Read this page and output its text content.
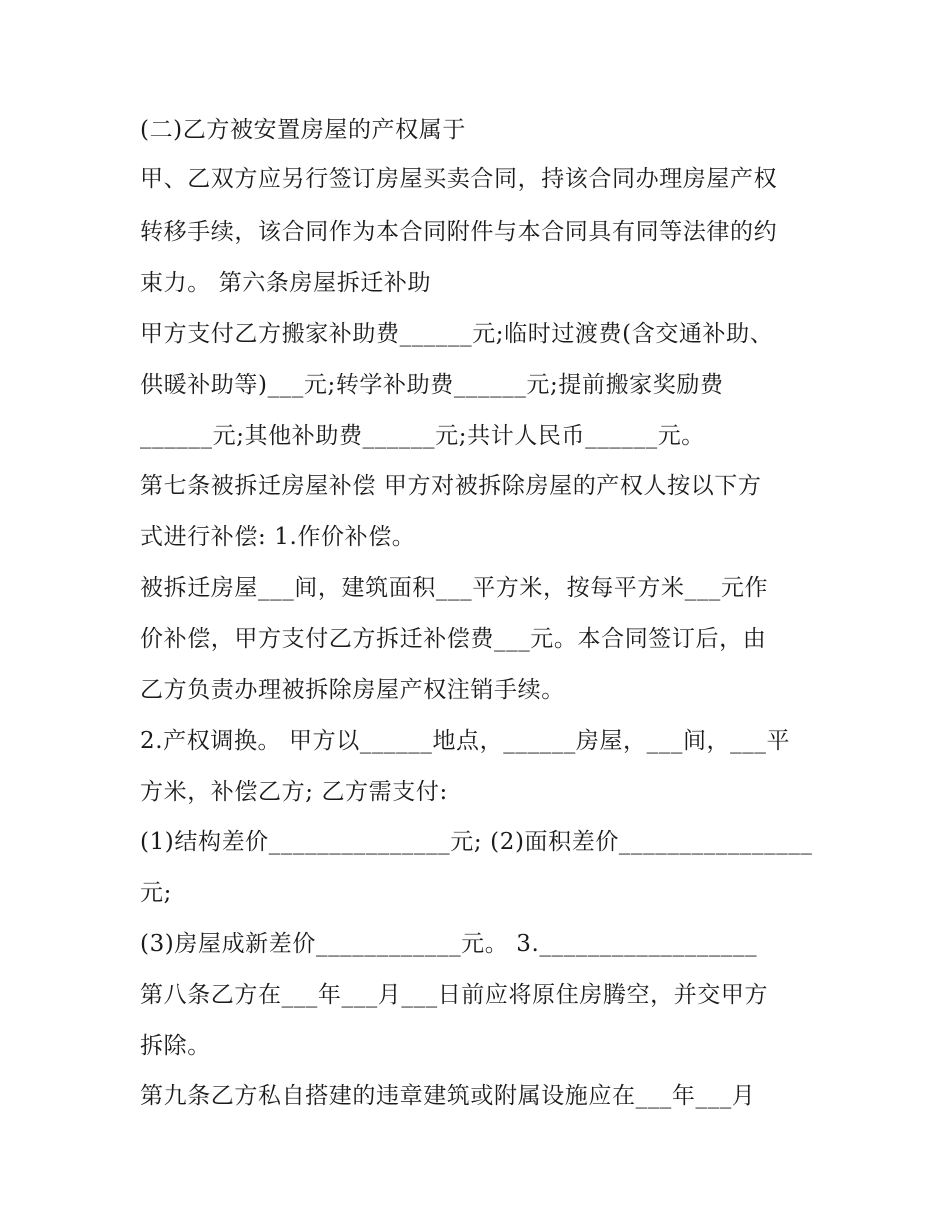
(二)乙方被安置房屋的产权属于
甲、乙双方应另行签订房屋买卖合同，持该合同办理房屋产权
转移手续，该合同作为本合同附件与本合同具有同等法律的约
束力。 第六条房屋拆迁补助
甲方支付乙方搬家补助费______元;临时过渡费(含交通补助、
供暖补助等)___元;转学补助费______元;提前搬家奖励费
______元;其他补助费______元;共计人民币______元。
第七条被拆迁房屋补偿 甲方对被拆除房屋的产权人按以下方
式进行补偿: 1.作价补偿。
被拆迁房屋___间，建筑面积___平方米，按每平方米___元作
价补偿，甲方支付乙方拆迁补偿费___元。本合同签订后，由
乙方负责办理被拆除房屋产权注销手续。
2.产权调换。 甲方以______地点，______房屋，___间，___平
方米，补偿乙方; 乙方需支付:
(1)结构差价_______________元; (2)面积差价________________
元;
(3)房屋成新差价____________元。 3.__________________
第八条乙方在___年___月___日前应将原住房腾空，并交甲方
拆除。
第九条乙方私自搭建的违章建筑或附属设施应在___年___月
